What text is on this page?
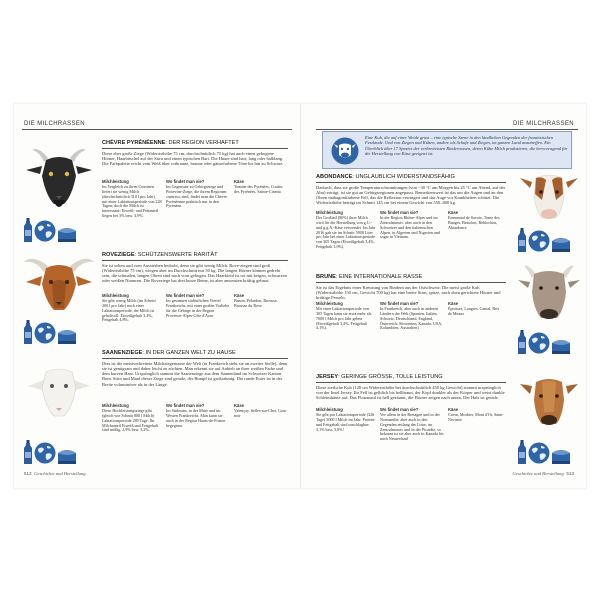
DIE MILCHRASSEN
CHÈVRE PYRÉNÉENNE: DER REGION VERHAFTET
Diese eher große Ziege (Widerristhöhe 75 cm, durchschnittlich 75 kg) hat auch einen gebogene Hörner, Haarbüschel auf der Stirn und einen typischen Bart. Die Haare sind hart, lang oder halblang. Die Farbpalette reicht vom Weiß über rotbraune, braune oder gänsefarbene Töne bis hin zu Schwarz.
Milchleistung
Im Vergleich zu ihren Cousinen liefert sie wenig Milch (durchschnittlich 310 l pro Jahr), mit einer Laktationsperiode von 228 Tagen; doch die Milch ist interessant: Eiweiß- und Fettanteil liegen bei 3% bzw. 3,9%.
Wo findet man sie?
Im Gegensatz zu Gebirgsziege und Poitevine-Ziege, die ihrem Regionen »untreu« sind, findet man die Chèvre Pyrénéenne praktisch nur in den Pyrenäen.
Käse
Tomme des Pyrénées, Crottin des Pyrénées, Sainte-Cinetta
ROVEZIEGE: SCHÜTZENSWERTE RARITÄT
Sie ist selten und vom Aussterben bedroht, denn sie gibt wenig Milch. Rove-ziegen sind groß (Widerristhöhe 75 cm), wiegen aber im Durchschnitt nur 50 kg. Die langen Hörner können gedreht sein, die schmalen, langen Ohren sind nach vorn gebogen. Das Haarkleid ist rot mit beigen, schwarzen oder weißen Nuancen. Die Roveziege hat drei kurze Beine, ist aber ansonsten kräftig gebaut.
Milchleistung
Sie gibt wenig Milch (im Schnitt 200 l pro Jahr) nach einer Laktationsperiode, die Milch ist gehaltvoll: Eiweißgehalt 3,4%, Fettgehalt 4,8%.
Wo findet man sie?
Im gesamten südöstlichen Viertel Frankreichs, mit einer großen Vorliebe für die Gebirge in der Region Provence-Alpes-Côte d'Azur
Käse
Banon, Pélardon, Brousse, Brousse du Rove
SAANENZIEGE: IN DER GANZEN WELT ZU HAUSE
Dies ist die meistverbreitete Milchziegenrasse der Welt (in Frankreich steht sie an zweiter Stelle), denn sie ist genügsam und daher leicht zu züchten. Man erkennt sie auf Anhieb an ihrer weißen Farbe und dem kurzen Haar. Ursprünglich stammt die Saanenziege aus dem Saanenland im Schweizer Kanton Bern. Stirn und Maul dieser Ziege sind gerade, der Rumpf ist großrahmig. Die runde Euter ist in der Breite voluminöser als in der Länge.
Milchleistung
Diese Hochleistungsziege gibt (gleich wie Schnitt 800 l Milch) Laktationsperiode 280 Tage. Ihr Milchanteil Eiweiß und Fettgehalt sind mäßig, 2,9% bzw. 3,2%.
Wo findet man sie?
Im Südosten, in der Mitte und im Westen Frankreichs. Man kann sie auch in der Region Hauts-de-France begegnen.
Käse
Valençay, Selles-sur-Cher, Gour noir
512 Geschichte und Herstellung
DIE MILCHRASSEN
Eine Kuh, die auf einer Weide grast – eine typische Szene in den ländlichen Gegenden der französischen Festlande. Und von Ziegen und Kühen, andere als Schafe und Ziegen, im ganzen Land anzutreffen. Ein Überblick über 17 Spezies der verbreitetsten Rinderrassen, deren Kühe Milch produzieren, die hervorragend für die Herstellung von Käse geeignet ist.
ABONDANCE: UNGLAUBLICH WIDERSTANDSFÄHIG
Dadurch, dass sie große Temperaturschwankungen (von −30 °C am Morgen bis 25 °C am Abend, auf der Alm) erträgt, ist sie gut an Gebirgsregionen angepasst. Bemerkenswert ist das um die Augen und an den Ohren mahagonifarbene Fell, das die Reflexion verringert und das Auge vor Krankheiten schützt. Die Widerristhöhe beträgt im Schnitt 145 cm bei einem Gewicht von 550–800 kg.
Milchleistung
Der Großteil (80%) ihrer Milch wird für die Herstellung von g.U.- und g.g.A.-Käse verwendet. Im Jahr 2016 gab sie im Schnitt 5900 Liter pro Jahr bei einer Laktationsperiode von 305 Tagen (Eiweißgehalt 3,4%, Fettgehalt 3,9%).
Wo findet man sie?
In der Region Rhône-Alpes und im Zentralmassiv, aber auch in den Schweizer und den italienischen Alpen, in Algerien und Nigerien und sogar in Vietnam.
Käse
Emmental de Savoie, Tome des Bauges, Beaufort, Reblochon, Abondance
BRUNE: EINE INTERNATIONALE RASSE
Sie ist das Ergebnis einer Kreuzung von Rindern aus der Ostschweiz. Die meist große Kuh (Widerristhöhe 150 cm, Gewicht 700 kg) hat eine breite Stirn, spitze, nach oben gerichtete Hörner und kräftige Fesseln.
Milchleistung
Mit einer Laktationsperiode von 305 Tagen kann sie etwa mehr als 7000 l Milch pro Jahr geben (Eiweißgehalt 3,4%, Fettgehalt 4,1%).
Wo findet man sie?
In Frankreich, aber auch in anderen Ländern der Welt (Spanien, Italien, Schweiz, Deutschland, England, Österreich, Slowenien, Kanada, USA, Kolumbien, Australien)
Käse
Époisses, Langres, Cantal, Bris de Meaux
JERSEY: GERINGE GRÖSSE, TOLLE LEISTUNG
Diese zierliche Kuh (128 cm Widerristhöhe bei durchschnittlich 450 kg Gewicht) stammt ursprünglich von der Insel Jersey. Ihr Fell ist gelblich bis hellbraun, der Kopf dunkler als der Körper und weist dunkle Schleimhäute auf. Das Flotzmaul ist hell gezäumt, die Hörner zeigen nach unten. Der Hals ist gerade.
Milchleistung
Sie gibt pro Laktationsperiode (326 Tage) 5000 l Milch im Jahr. Protein- und Fettgehalt sind unschlagbar: 3,1% bzw. 5,8%!
Wo findet man sie?
Vor allem in der Bretagne und in der Normandie, aber auch in den Gegenden entlang der Loire, im Zentralmassiv und in der Picardie, so bekannt ist sie aber auch in Kanada bis nach Neuseeland
Käse
Coeur, Morbier, Mont d'Or, Saint-Nectaire
Geschichte und Herstellung 513
